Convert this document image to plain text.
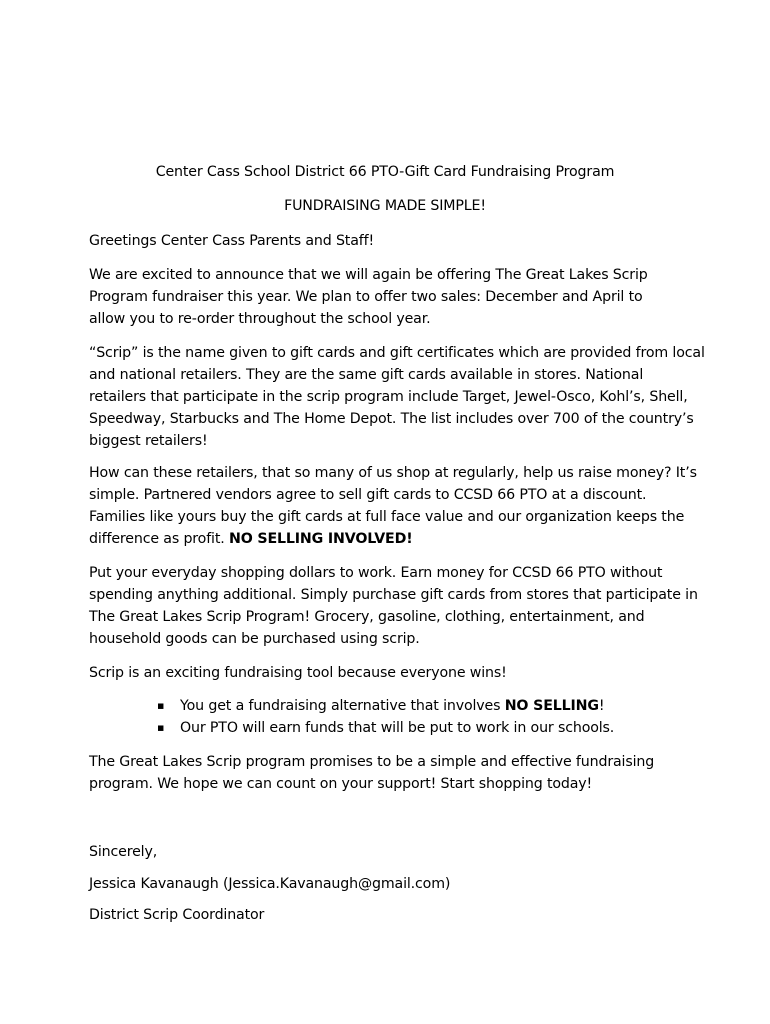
Center Cass School District 66 PTO-Gift Card Fundraising Program

FUNDRAISING MADE SIMPLE!

Greetings Center Cass Parents and Staff!

We are excited to announce that we will again be offering The Great Lakes Scrip

Program fundraiser this year. We plan to offer two sales: December and April to

allow you to re-order throughout the school year.

“Scrip” is the name given to gift cards and gift certificates which are provided from local

and national retailers. They are the same gift cards available in stores. National

retailers that participate in the scrip program include Target, Jewel-Osco, Kohl’s, Shell,

Speedway, Starbucks and The Home Depot. The list includes over 700 of the country’s

biggest retailers!

How can these retailers, that so many of us shop at regularly, help us raise money? It’s

simple. Partnered vendors agree to sell gift cards to CCSD 66 PTO at a discount.

Families like yours buy the gift cards at full face value and our organization keeps the

difference as profit. NO SELLING INVOLVED!

Put your everyday shopping dollars to work. Earn money for CCSD 66 PTO without

spending anything additional. Simply purchase gift cards from stores that participate in

The Great Lakes Scrip Program! Grocery, gasoline, clothing, entertainment, and

household goods can be purchased using scrip.

Scrip is an exciting fundraising tool because everyone wins!

▪ You get a fundraising alternative that involves NO SELLING!

▪ Our PTO will earn funds that will be put to work in our schools.

The Great Lakes Scrip program promises to be a simple and effective fundraising

program. We hope we can count on your support! Start shopping today!

Sincerely,

Jessica Kavanaugh (Jessica.Kavanaugh@gmail.com)

District Scrip Coordinator
